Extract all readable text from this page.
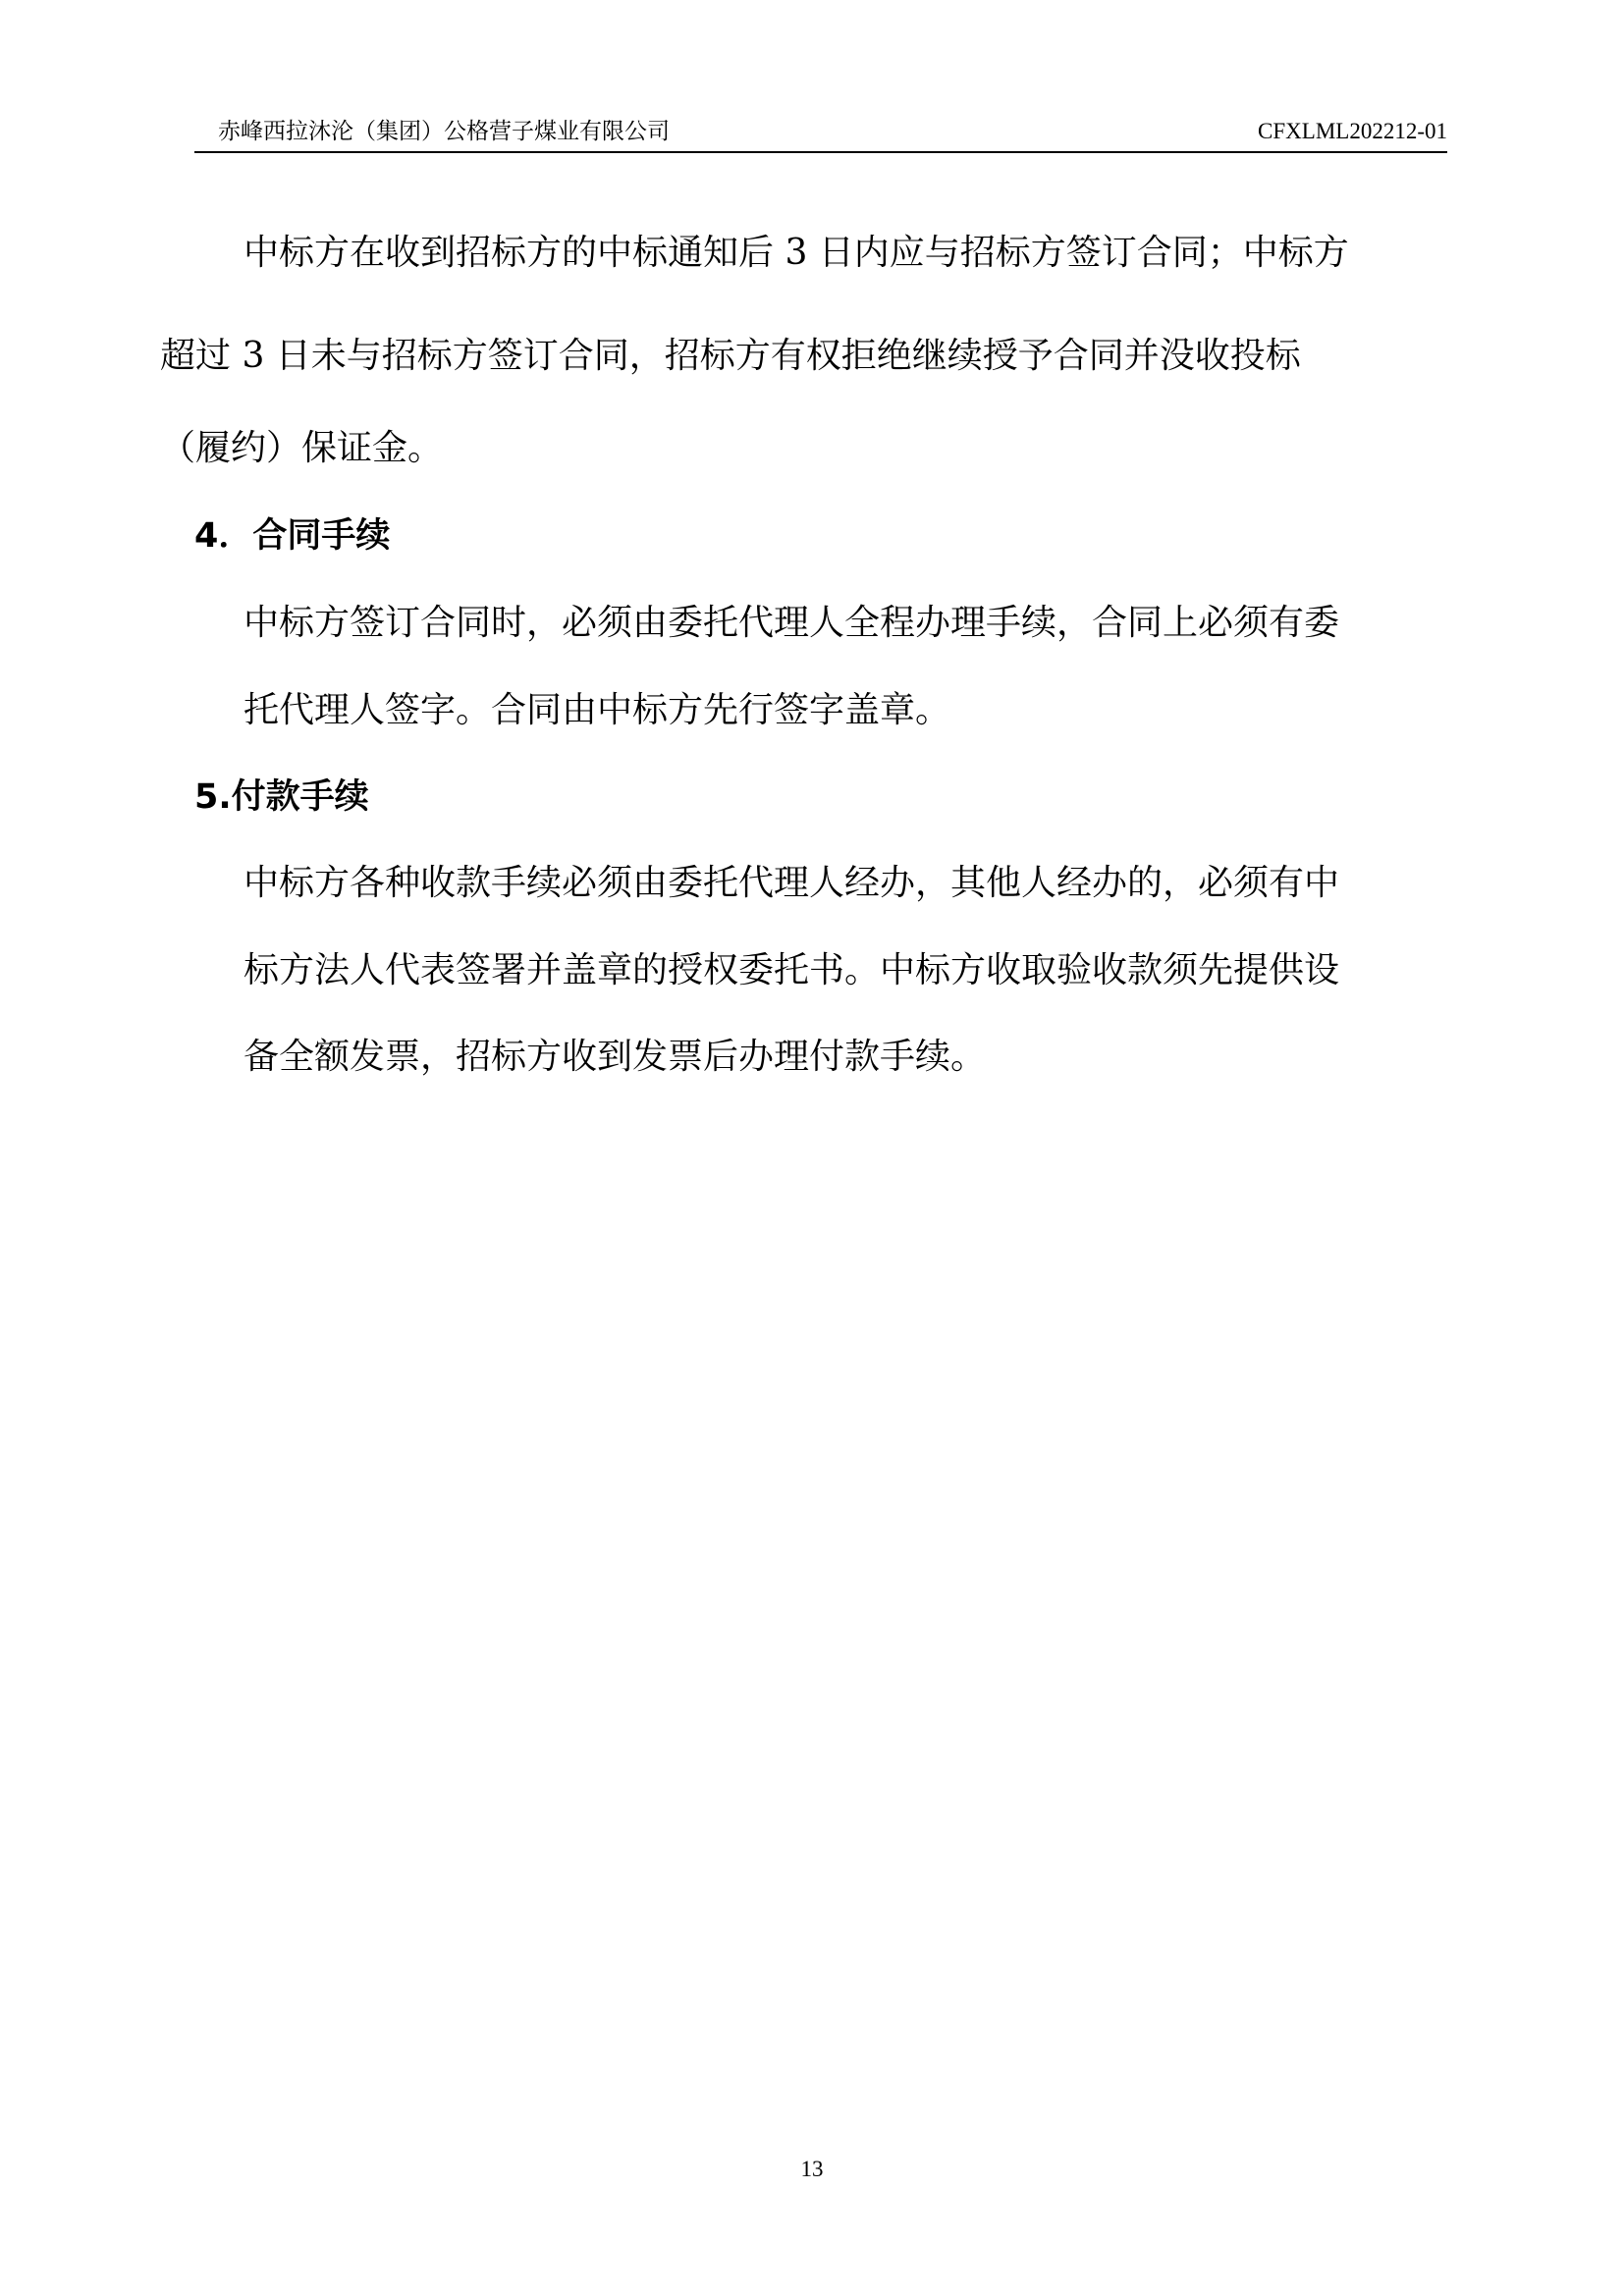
赤峰西拉沐沦（集团）公格营子煤业有限公司	CFXLML202212-01
中标方在收到招标方的中标通知后 3 日内应与招标方签订合同；中标方
超过 3 日未与招标方签订合同，招标方有权拒绝继续授予合同并没收投标
（履约）保证金。
4．合同手续
中标方签订合同时，必须由委托代理人全程办理手续，合同上必须有委
托代理人签字。合同由中标方先行签字盖章。
5.付款手续
中标方各种收款手续必须由委托代理人经办，其他人经办的，必须有中
标方法人代表签署并盖章的授权委托书。中标方收取验收款须先提供设
备全额发票，招标方收到发票后办理付款手续。
13
